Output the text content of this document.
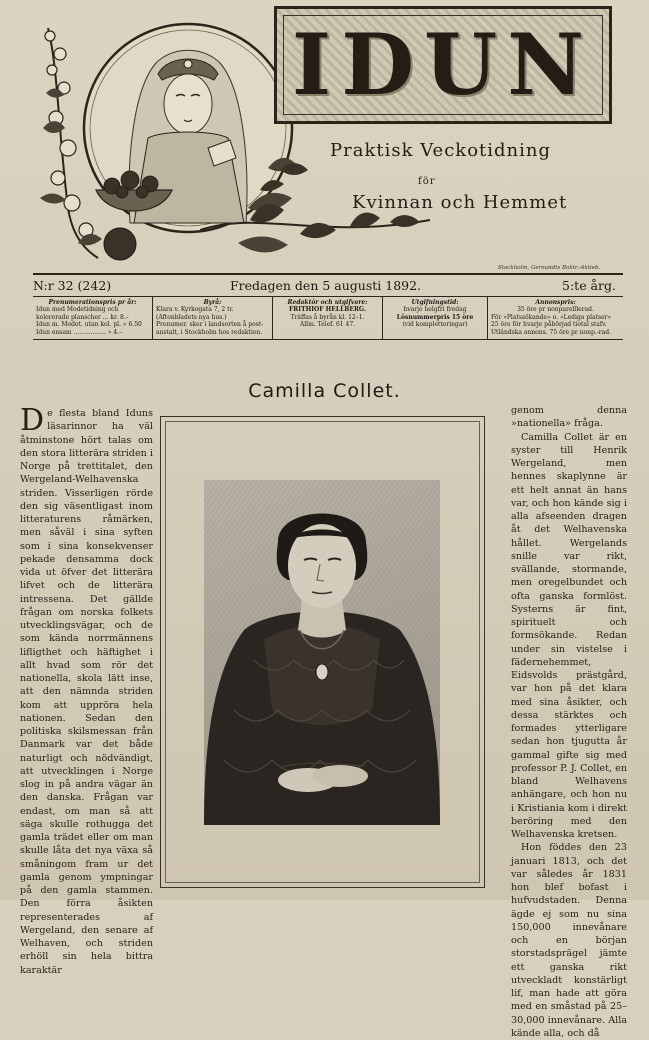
IDUN
Praktisk Veckotidning
för
Kvinnan och Hemmet
Stockholm, Gernandts Boktr.-Aktieb.
N:r 32 (242)	Fredagen den 5 augusti 1892.	5:te årg.
Prenumerationspris pr år:
Idun med Modetidning och
kolorerade planscher ... kr. 8.–
Idun m. Modet. utan kol. pl. » 6.50
Idun ensam ................. » 4.–
Byrå:
Klara v. Kyrkogata 7, 2 tr.
(Aftonbladets nya hus.)
Prenumer. sker i landsorten å post-
anstalt, i Stockholm hos redaktion.
Redaktör och utgifvare:
FRITHIOF HELLBERG.
Träffas å byrån kl. 12–1.
Allm. Telef. 61 47.
Utgifningstid:
hvarje helgfri fredag
Lösnummerpris 15 öre
(vid kompletteringar)
Annonspris:
35 öre pr nonparelllerad.
För »Platssökande» o. »Lediga platser»
25 öre för hvarje påbörjad tiotal stafv.
Utländska annons. 75 öre pr nonp.-rad.
Camilla Collet.

De flesta bland Iduns läsarinnor ha väl åtminstone hört talas om den stora litterära striden i Norge på trettitalet, den Wergeland-Welhavenska striden. Visserligen rörde den sig väsentligast inom litteraturens råmärken, men såväl i sina syften som i sina konsekvenser pekade densamma dock vida ut öfver det litterära lifvet och de litterära intressena. Det gällde frågan om norska folkets utvecklingsvägar, och de som kända norrmännens lifligthet och häftighet i allt hvad som rör det nationella, skola lätt inse, att den nämnda striden kom att uppröra hela nationen. Sedan den politiska skilsmessan från Danmark var det både naturligt och nödvändigt, att utvecklingen i Norge slog in på andra vägar än den danska. Frågan var endast, om man så att säga skulle rothugga det gamla trädet eller om man skulle låta det nya växa så småningom fram ur det gamla genom ympningar på den gamla stammen. Den förra åsikten representerades af Wergeland, den senare af Welhaven, och striden erhöll sin hela bittra karaktär

genom denna »nationella» fråga.

Camilla Collet är en syster till Henrik Wergeland, men hennes skaplynne är ett helt annat än hans var, och hon kände sig i alla afseenden dragen åt det Welhavenska hållet. Wergelands snille var rikt, svällande, stormande, men oregelbundet och ofta ganska formlöst. Systerns är fint, spirituelt och formsökande. Redan under sin vistelse i fädernehemmet, Eidsvolds prästgård, var hon på det klara med sina åsikter, och dessa stärktes och formades ytterligare sedan hon tjugutta år gammal gifte sig med professor P. J. Collet, en bland Welhavens anhängare, och hon nu i Kristiania kom i direkt beröring med den Welhavenska kretsen.

Hon föddes den 23 januari 1813, och det var således år 1831 hon blef bofast i hufvudstaden. Denna ägde ej som nu sina 150,000 innevånare och en början storstadsprägel jämte ett ganska rikt utveckladt konstärligt lif, man hade att göra med en småstad på 25–30,000 innevånare. Alla kände alla, och då
